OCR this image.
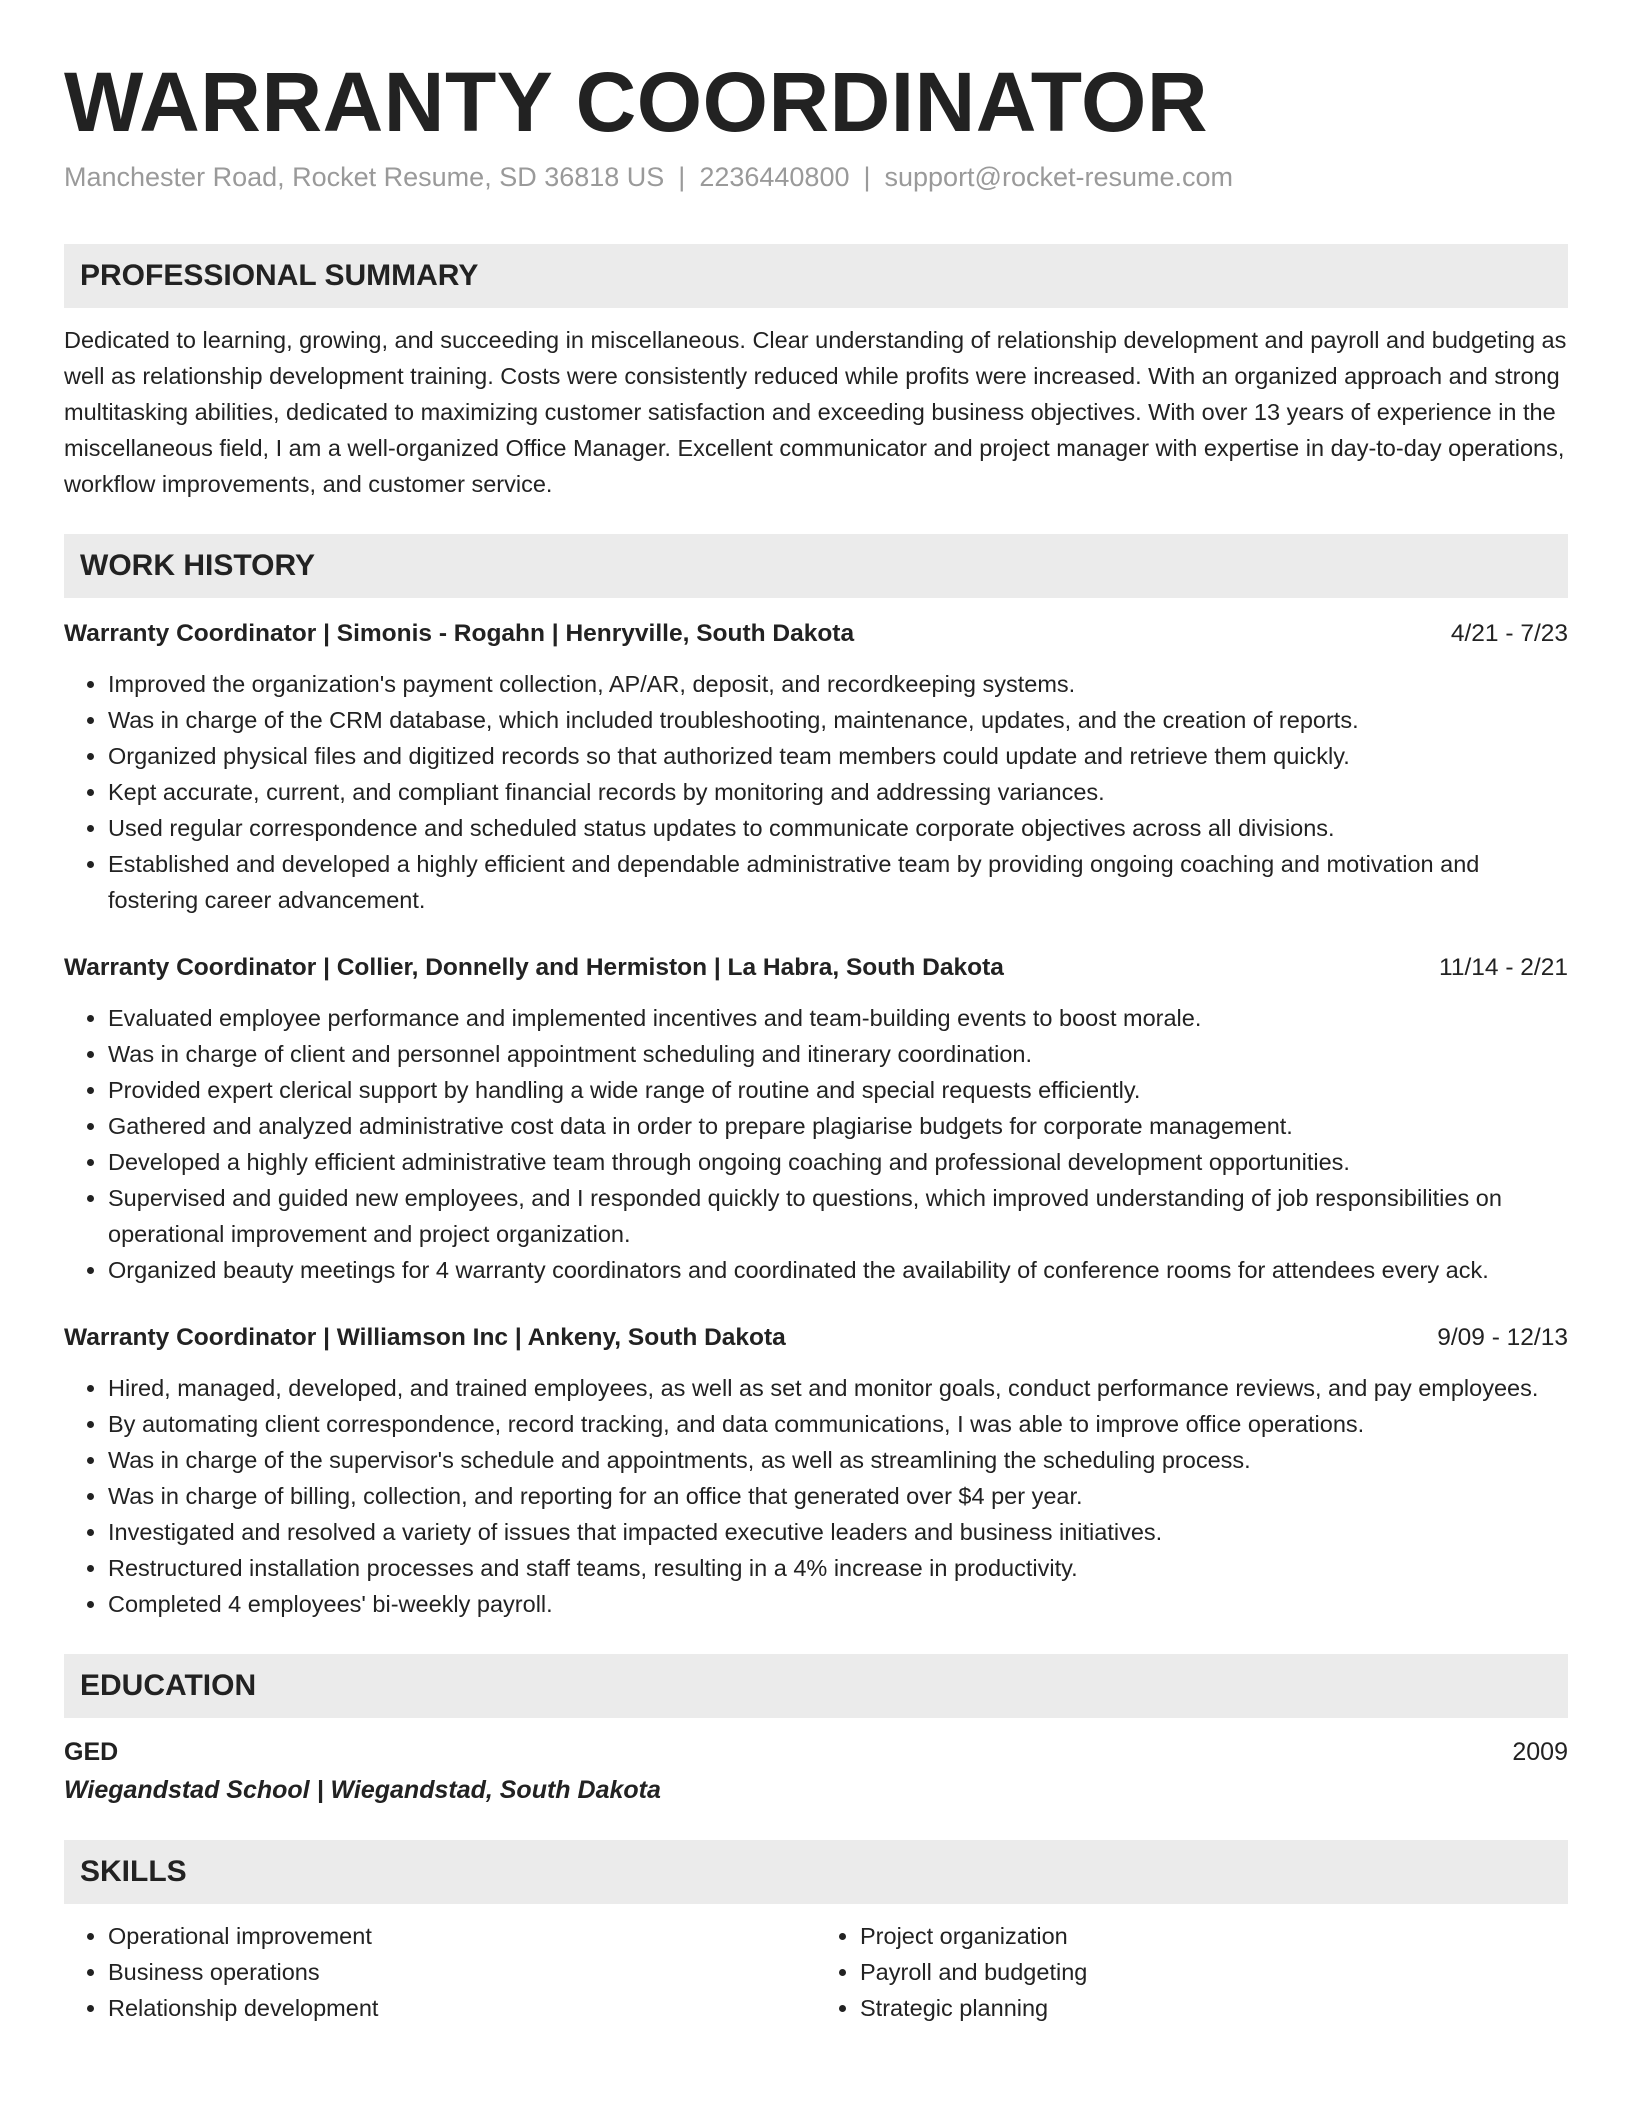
WARRANTY COORDINATOR
Manchester Road, Rocket Resume, SD 36818 US | 2236440800 | support@rocket-resume.com
PROFESSIONAL SUMMARY
Dedicated to learning, growing, and succeeding in miscellaneous. Clear understanding of relationship development and payroll and budgeting as well as relationship development training. Costs were consistently reduced while profits were increased. With an organized approach and strong multitasking abilities, dedicated to maximizing customer satisfaction and exceeding business objectives. With over 13 years of experience in the miscellaneous field, I am a well-organized Office Manager. Excellent communicator and project manager with expertise in day-to-day operations, workflow improvements, and customer service.
WORK HISTORY
Warranty Coordinator | Simonis - Rogahn | Henryville, South Dakota	4/21 - 7/23
• Improved the organization's payment collection, AP/AR, deposit, and recordkeeping systems.
• Was in charge of the CRM database, which included troubleshooting, maintenance, updates, and the creation of reports.
• Organized physical files and digitized records so that authorized team members could update and retrieve them quickly.
• Kept accurate, current, and compliant financial records by monitoring and addressing variances.
• Used regular correspondence and scheduled status updates to communicate corporate objectives across all divisions.
• Established and developed a highly efficient and dependable administrative team by providing ongoing coaching and motivation and fostering career advancement.
Warranty Coordinator | Collier, Donnelly and Hermiston | La Habra, South Dakota	11/14 - 2/21
• Evaluated employee performance and implemented incentives and team-building events to boost morale.
• Was in charge of client and personnel appointment scheduling and itinerary coordination.
• Provided expert clerical support by handling a wide range of routine and special requests efficiently.
• Gathered and analyzed administrative cost data in order to prepare plagiarise budgets for corporate management.
• Developed a highly efficient administrative team through ongoing coaching and professional development opportunities.
• Supervised and guided new employees, and I responded quickly to questions, which improved understanding of job responsibilities on operational improvement and project organization.
• Organized beauty meetings for 4 warranty coordinators and coordinated the availability of conference rooms for attendees every ack.
Warranty Coordinator | Williamson Inc | Ankeny, South Dakota	9/09 - 12/13
• Hired, managed, developed, and trained employees, as well as set and monitor goals, conduct performance reviews, and pay employees.
• By automating client correspondence, record tracking, and data communications, I was able to improve office operations.
• Was in charge of the supervisor's schedule and appointments, as well as streamlining the scheduling process.
• Was in charge of billing, collection, and reporting for an office that generated over $4 per year.
• Investigated and resolved a variety of issues that impacted executive leaders and business initiatives.
• Restructured installation processes and staff teams, resulting in a 4% increase in productivity.
• Completed 4 employees' bi-weekly payroll.
EDUCATION
GED	2009
Wiegandstad School | Wiegandstad, South Dakota
SKILLS
• Operational improvement
• Business operations
• Relationship development
• Project organization
• Payroll and budgeting
• Strategic planning
